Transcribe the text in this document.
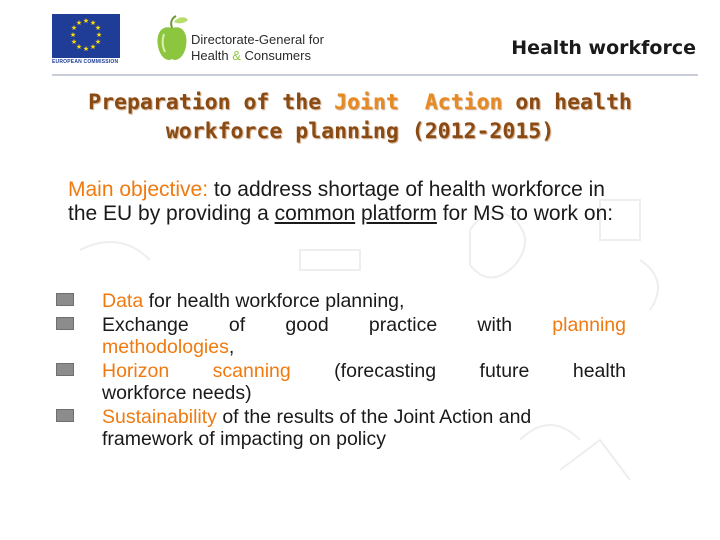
★ ★
★
★
★
★
★
★
★
★
★
★
EUROPEAN COMMISSION
Directorate-General for
Health & Consumers	Health workforce
Preparation of the Joint Action on health
workforce planning (2012-2015)
Main objective: to address shortage of health workforce in the EU by providing a common platform for MS to work on:
Data for health workforce planning,
Exchange of good practice with planning
methodologies,
Horizon scanning (forecasting future health
workforce needs)
Sustainability of the results of the Joint Action and framework of impacting on policy
